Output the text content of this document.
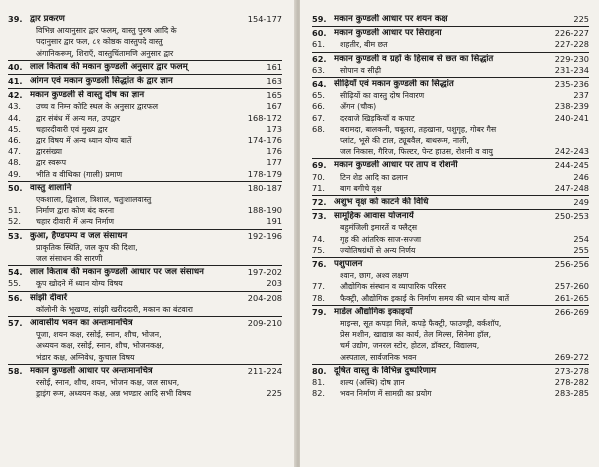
39. द्वार प्रकरण	154-177
विभिन्न आयानुसार द्वार फलम्, वास्तु पुरुष आदि के
पदानुसार द्वार फल, ८१ कोष्ठक वास्तुपदे वास्तु
अंगानिकरूम्, शिराएँ, वास्तुचिंतामणि अनुसार द्वार
40. लाल किताब की मकान कुण्डली अनुसार द्वार फलम्	161
41. आंगन एवं मकान कुण्डली सिद्धांत के द्वार ज्ञान	163
42. मकान कुण्डली से वास्तु दोष का ज्ञान	165
43.	उच्च व निम्न कोटि स्थल के अनुसार द्वारफल	167
44.	द्वार संबंध में अन्य मत, उपद्वार	168-172
45.	चहारदीवारी एवं मुख्य द्वार	173
46.	द्वार विषय में अन्य ध्यान योग्य बातें	174-176
47.	द्वारसंख्या	176
48.	द्वार स्वरूप	177
49.	भीति व वीथिका (गाली) प्रमाण	178-179
50. वास्तु शालानि	180-187
एकशाला, द्विशाल, त्रिशाल, चतुःशालवास्तु
51.	निर्माण द्वारा कोण बंद करना	188-190
52.	चहार दीवारी में अन्य निर्माण	191
53. कुआ, हैण्डपम्प व जल संसाधन	192-196
प्राकृतिक स्थिति, जल कूप की दिशा,
जल संसाधन की सारणी
54. लाल किताब की मकान कुण्डली आधार पर जल संसाधन	197-202
55.	कूप खोदने में ध्यान योग्य विषय	203
56. सांझी दीवारें	204-208
कॉलोनी के भूखण्ड, सांझी खरीददारी, मकान का बंटवारा
57. आवासीय भवन का अन्तःमानचित्र	209-210
पूजा, शयन कक्ष, रसोई, स्नान, शौच, भोजन,
अध्ययन कक्ष, रसोई, स्नान, शौच, भोजनकक्ष,
भंडार कक्ष, अग्निवेध, कुचाल विषय
58. मकान कुण्डली आधार पर अन्तःमानचित्र	211-224
रसोई, स्नान, शौच, शयन, भोजन कक्ष, जल साधन,
ड्राइंग रूम, अध्ययन कक्ष, अन्न भण्डार आदि सभी विषय	225
59. मकान कुण्डली आधार पर शयन कक्ष	225
60. मकान कुण्डली आधार पर सिराहना	226-227
61.	शहतीर, बीम छत	227-228
62. मकान कुण्डली व ग्रहों के हिसाब से छत का सिद्धांत	229-230
63.	सोपान व सीढ़ी	231-234
64. सीढ़ियाँ एवं मकान कुण्डली का सिद्धांत	235-236
65.	सीढ़ियों का वास्तु दोष निवारण	237
66.	अँगन (चौक)	238-239
67.	दरवाजे खिड़कियाँ व कपाट	240-241
68.	बरामदा, बालकनी, चबूतरा, तहखाना, पशुगृह, गोबर गैस
प्लांट, भूसे की टाल, ट्यूबवैल, बाथरूम, नाली,
जल निकास, गैरिज, फिल्टर, पेन्ट हाउस, रोशनी व वायु	242-243
69. मकान कुण्डली आधार पर ताप व रोशनी	244-245
70.	टिन शेड आदि का ढलान	246
71.	बाग बगीचे वृक्ष	247-248
72. अशुभ वृक्ष को काटने की विधि	249
73. सामूहिक आवास योजनायें	250-253
बहुमंजिली इमारतें व फ्लैट्स
74.	गृह की आंतरिक साज-सज्जा	254
75.	ज्योतिषग्रंथों से अन्य निर्णय	255
76. पशुपालन	256-256
श्वान, छाग, अश्व लक्षण
77.	औद्योगिक संस्थान व व्यापारिक परिसर	257-260
78.	फैक्ट्री, औद्योगिक इकाई के निर्माण समय की ध्यान योग्य बातें	261-265
79. मार्डल औद्योगिक इकाइयाँ	266-269
माइन्स, सूत कपड़ा मिले, कपड़े फैक्ट्री, फाउण्ड्री, वर्कशॉप,
प्रेस मशीन, खाद्यान्न का कार्य, तेल मिल्स, सिनेमा हॉल,
चर्म उद्योग, जनरल स्टोर, होटल, डॉक्टर, विद्यालय,
अस्पताल, सार्वजनिक भवन	269-272
80. दूषित वास्तु के विभिन्न दुष्परिणाम	273-278
81.	शल्य (अस्थि) दोष ज्ञान	278-282
82.	भवन निर्माण में सामग्री का प्रयोग	283-285
